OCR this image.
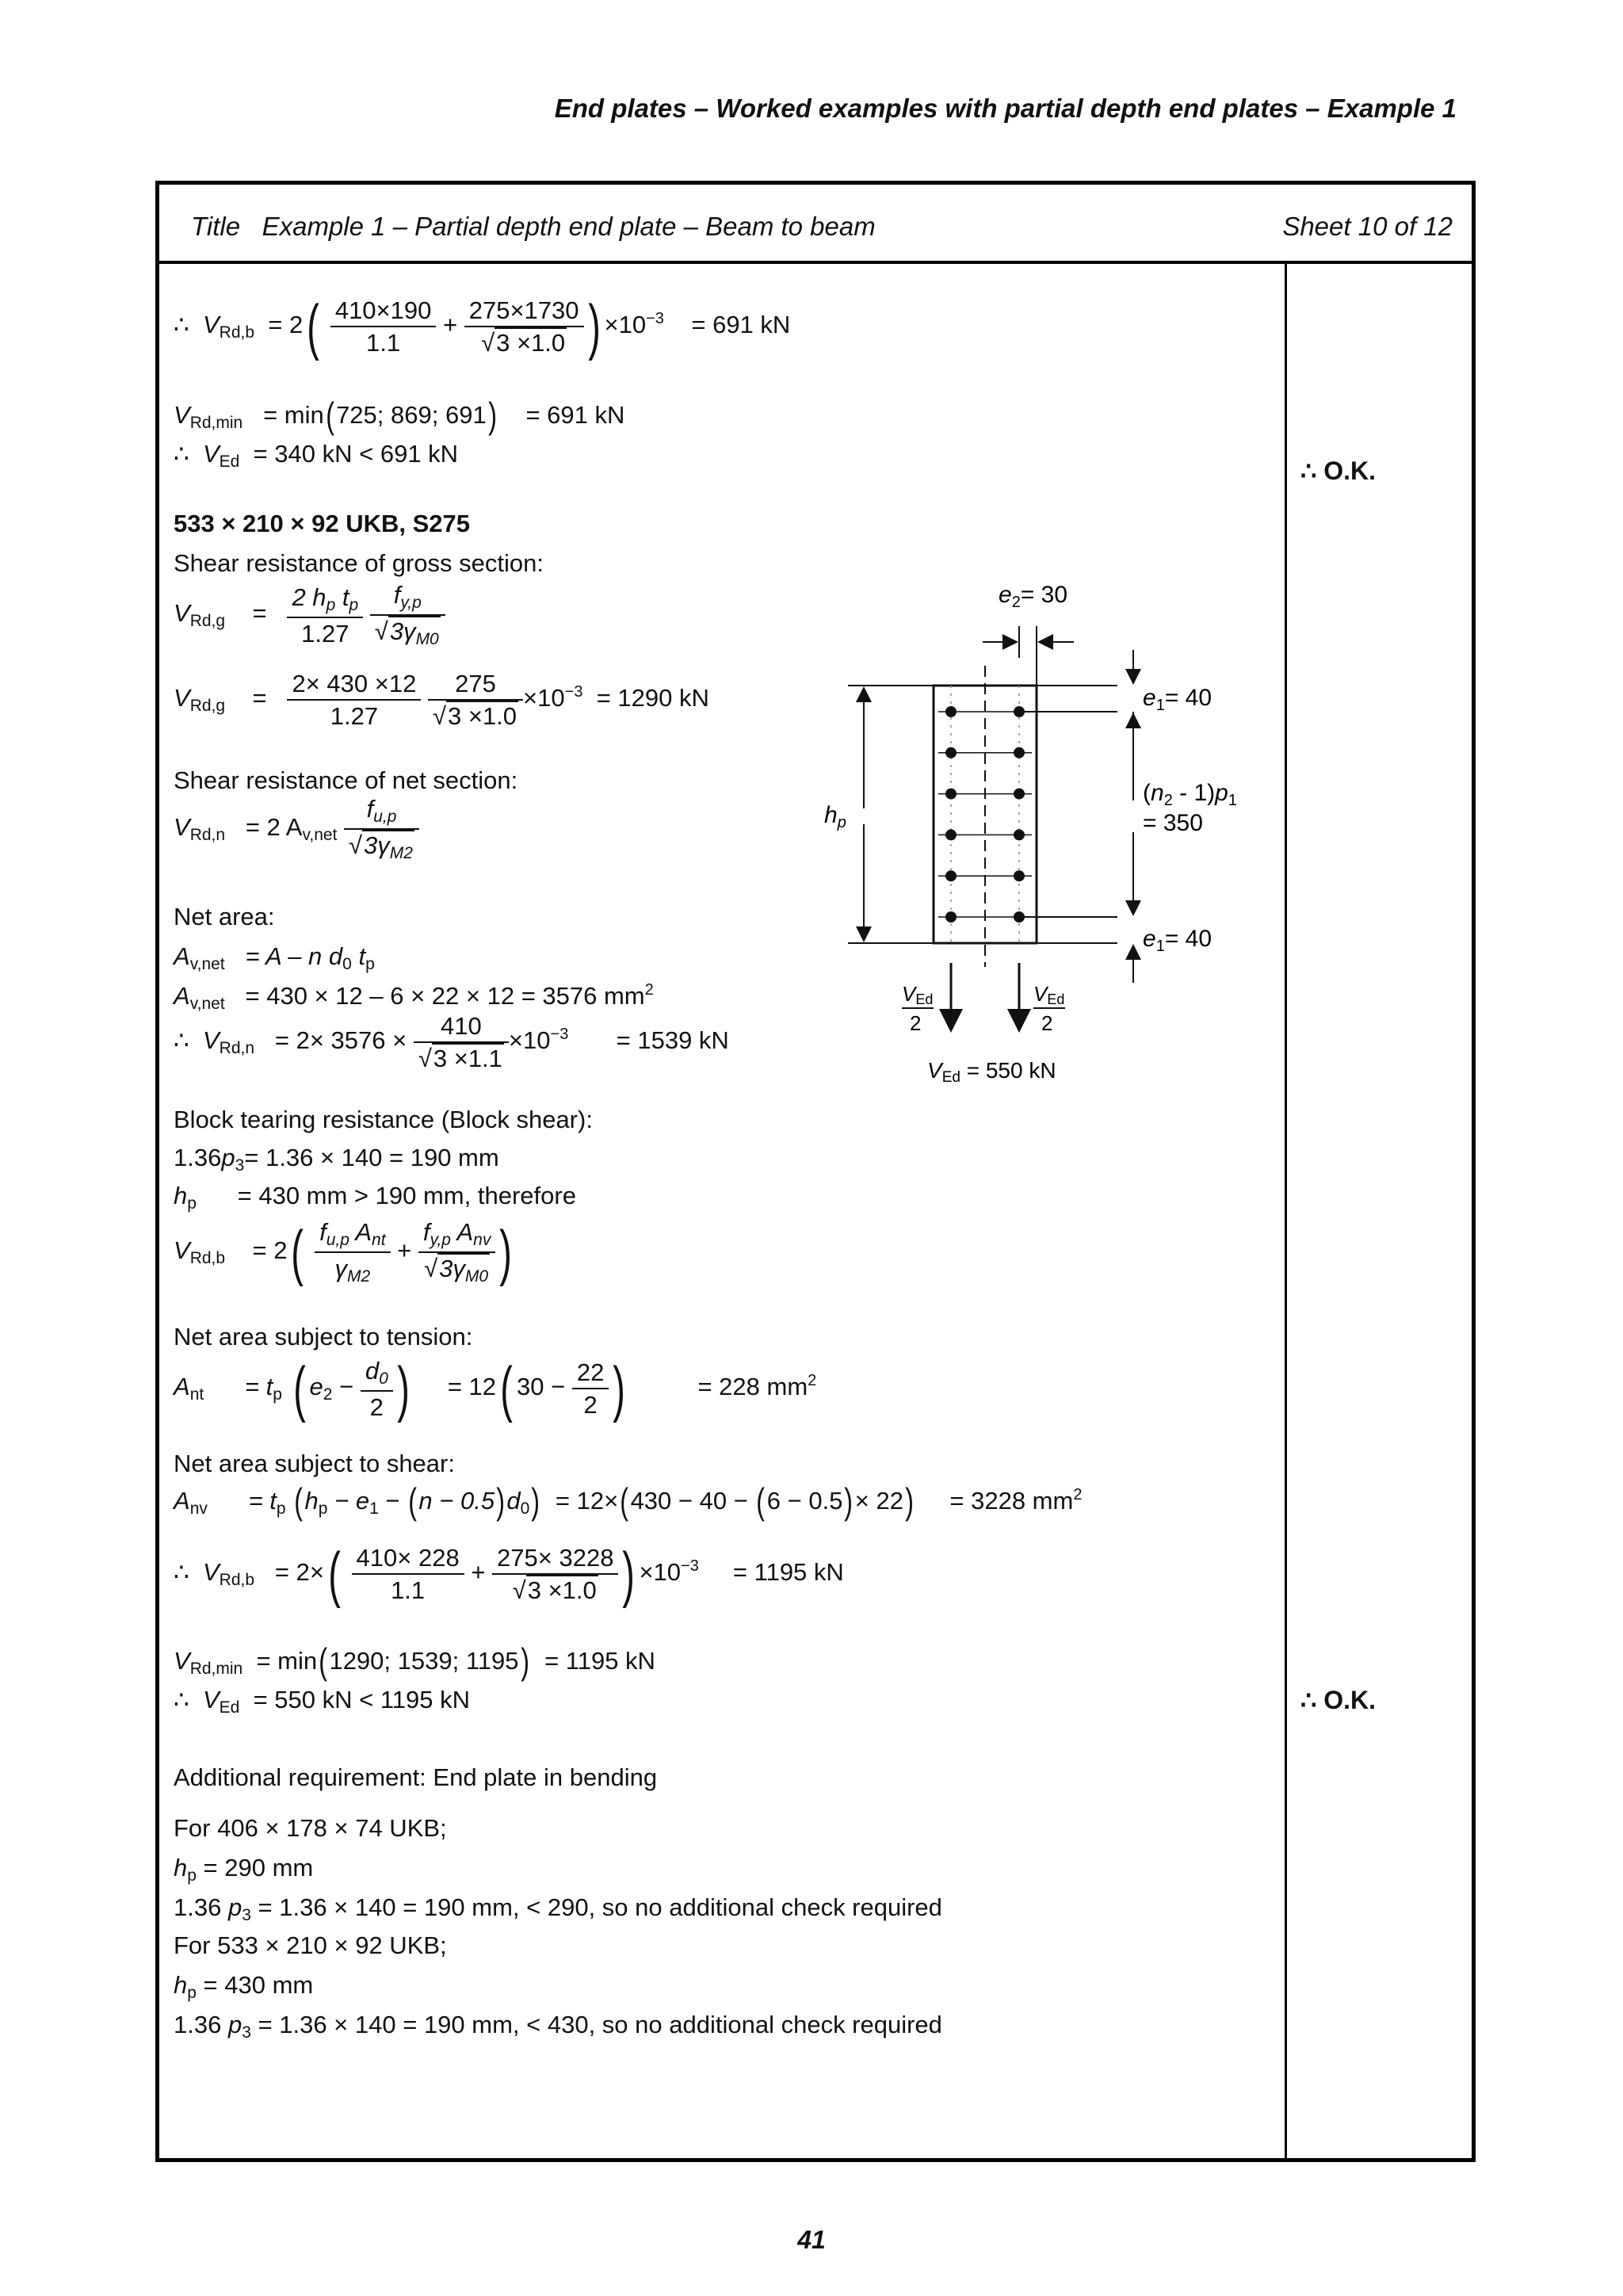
End plates – Worked examples with partial depth end plates – Example 1
Title Example 1 – Partial depth end plate – Beam to beam	Sheet 10 of 12
∴ O.K.
∴ O.K.
∴ $V_{Rd,b} = 2( \frac{410\times 190}{1.1} + \frac{275\times 1730}{√3 \times 1.0}$ ) $\times 10^{-3} = 691$ kN
$V_{Rd,min} = \min(725$; 869; 691) = 691 kN
∴ $V_{Ed} = 340$ kN < 691 kN
533 × 210 × 92 UKB, S275
Shear resistance of gross section:
$V_{Rd,g}$    = $\frac{2 h_p t_p}{1.27}$
$\frac{f_{y,p}}{√3\gamma_{M0}}$
$V_{Rd,g}$    = $\frac{2\times 430 \times 12}{1.27}$
$\frac{275}{√3 \times 1.0} \times 10^{-3} = 1290$ kN
Shear resistance of net section:
$V_{Rd,n} = 2$ $A_{v,net} \frac{f_{u,p}}{√3\gamma_{M2}}$
Net area:
$A_{v,net} = A - n$ $d_0$ $t_p$
$A_{v,net} = 430 \times 12 - 6 \times 22 \times 12 = 3576$ $mm^2$
∴ $V_{Rd,n} = 2\times 3576 \times \frac{410}{√3 \times 1.1} \times 10^{-3} = 1539$ kN
Block tearing resistance (Block shear):
$1.36p_3= 1.36 \times 140 = 190$ mm
$h_p = 430$ mm > 190 mm, therefore
$V_{Rd,b} = 2( \frac{f_{u,p} A_{nt}}{\gamma_{M2}} + \frac{f_{y,p} A_{nv}}{√3\gamma_{M0}}$ )
Net area subject to tension:
$A_{nt} = t_p$ ( $e_2 - \frac{d_0}{2}$ ) = 12( $30 - \frac{22}{2}$ )	= 228 $mm^2$
Net area subject to shear:
$A_{nv} = t_p$ $(h_p - e_1 - (n - 0.5)d_0) = 12\times(430 - 40 - (6 - 0.5)\times 22) = 3228$ $mm^2$
∴ $V_{Rd,b} = 2\times( \frac{410\times 228}{1.1} + \frac{275\times 3228}{√3 \times 1.0}$ ) $\times 10^{-3} = 1195$ kN
$V_{Rd,min} = \min(1290$; 1539; 1195) = 1195 kN
∴ $V_{Ed} = 550$ kN < 1195 kN
Additional requirement: End plate in bending
For 406 × 178 × 74 UKB;
$h_p = 290$ mm
1.36 $p_3 = 1.36 \times 140 = 190$ mm, < 290, so no additional check required
For 533 × 210 × 92 UKB;
$h_p = 430$ mm
1.36 $p_3 = 1.36 \times 140 = 190$ mm, < 430, so no additional check required
$h_p$
$e_2= 30$
$e_1= 40$
$(n_2 - 1)p_1$
= 350
$e_1= 40$
VEd
2
VEd
2
VEd = 550 kN
41
